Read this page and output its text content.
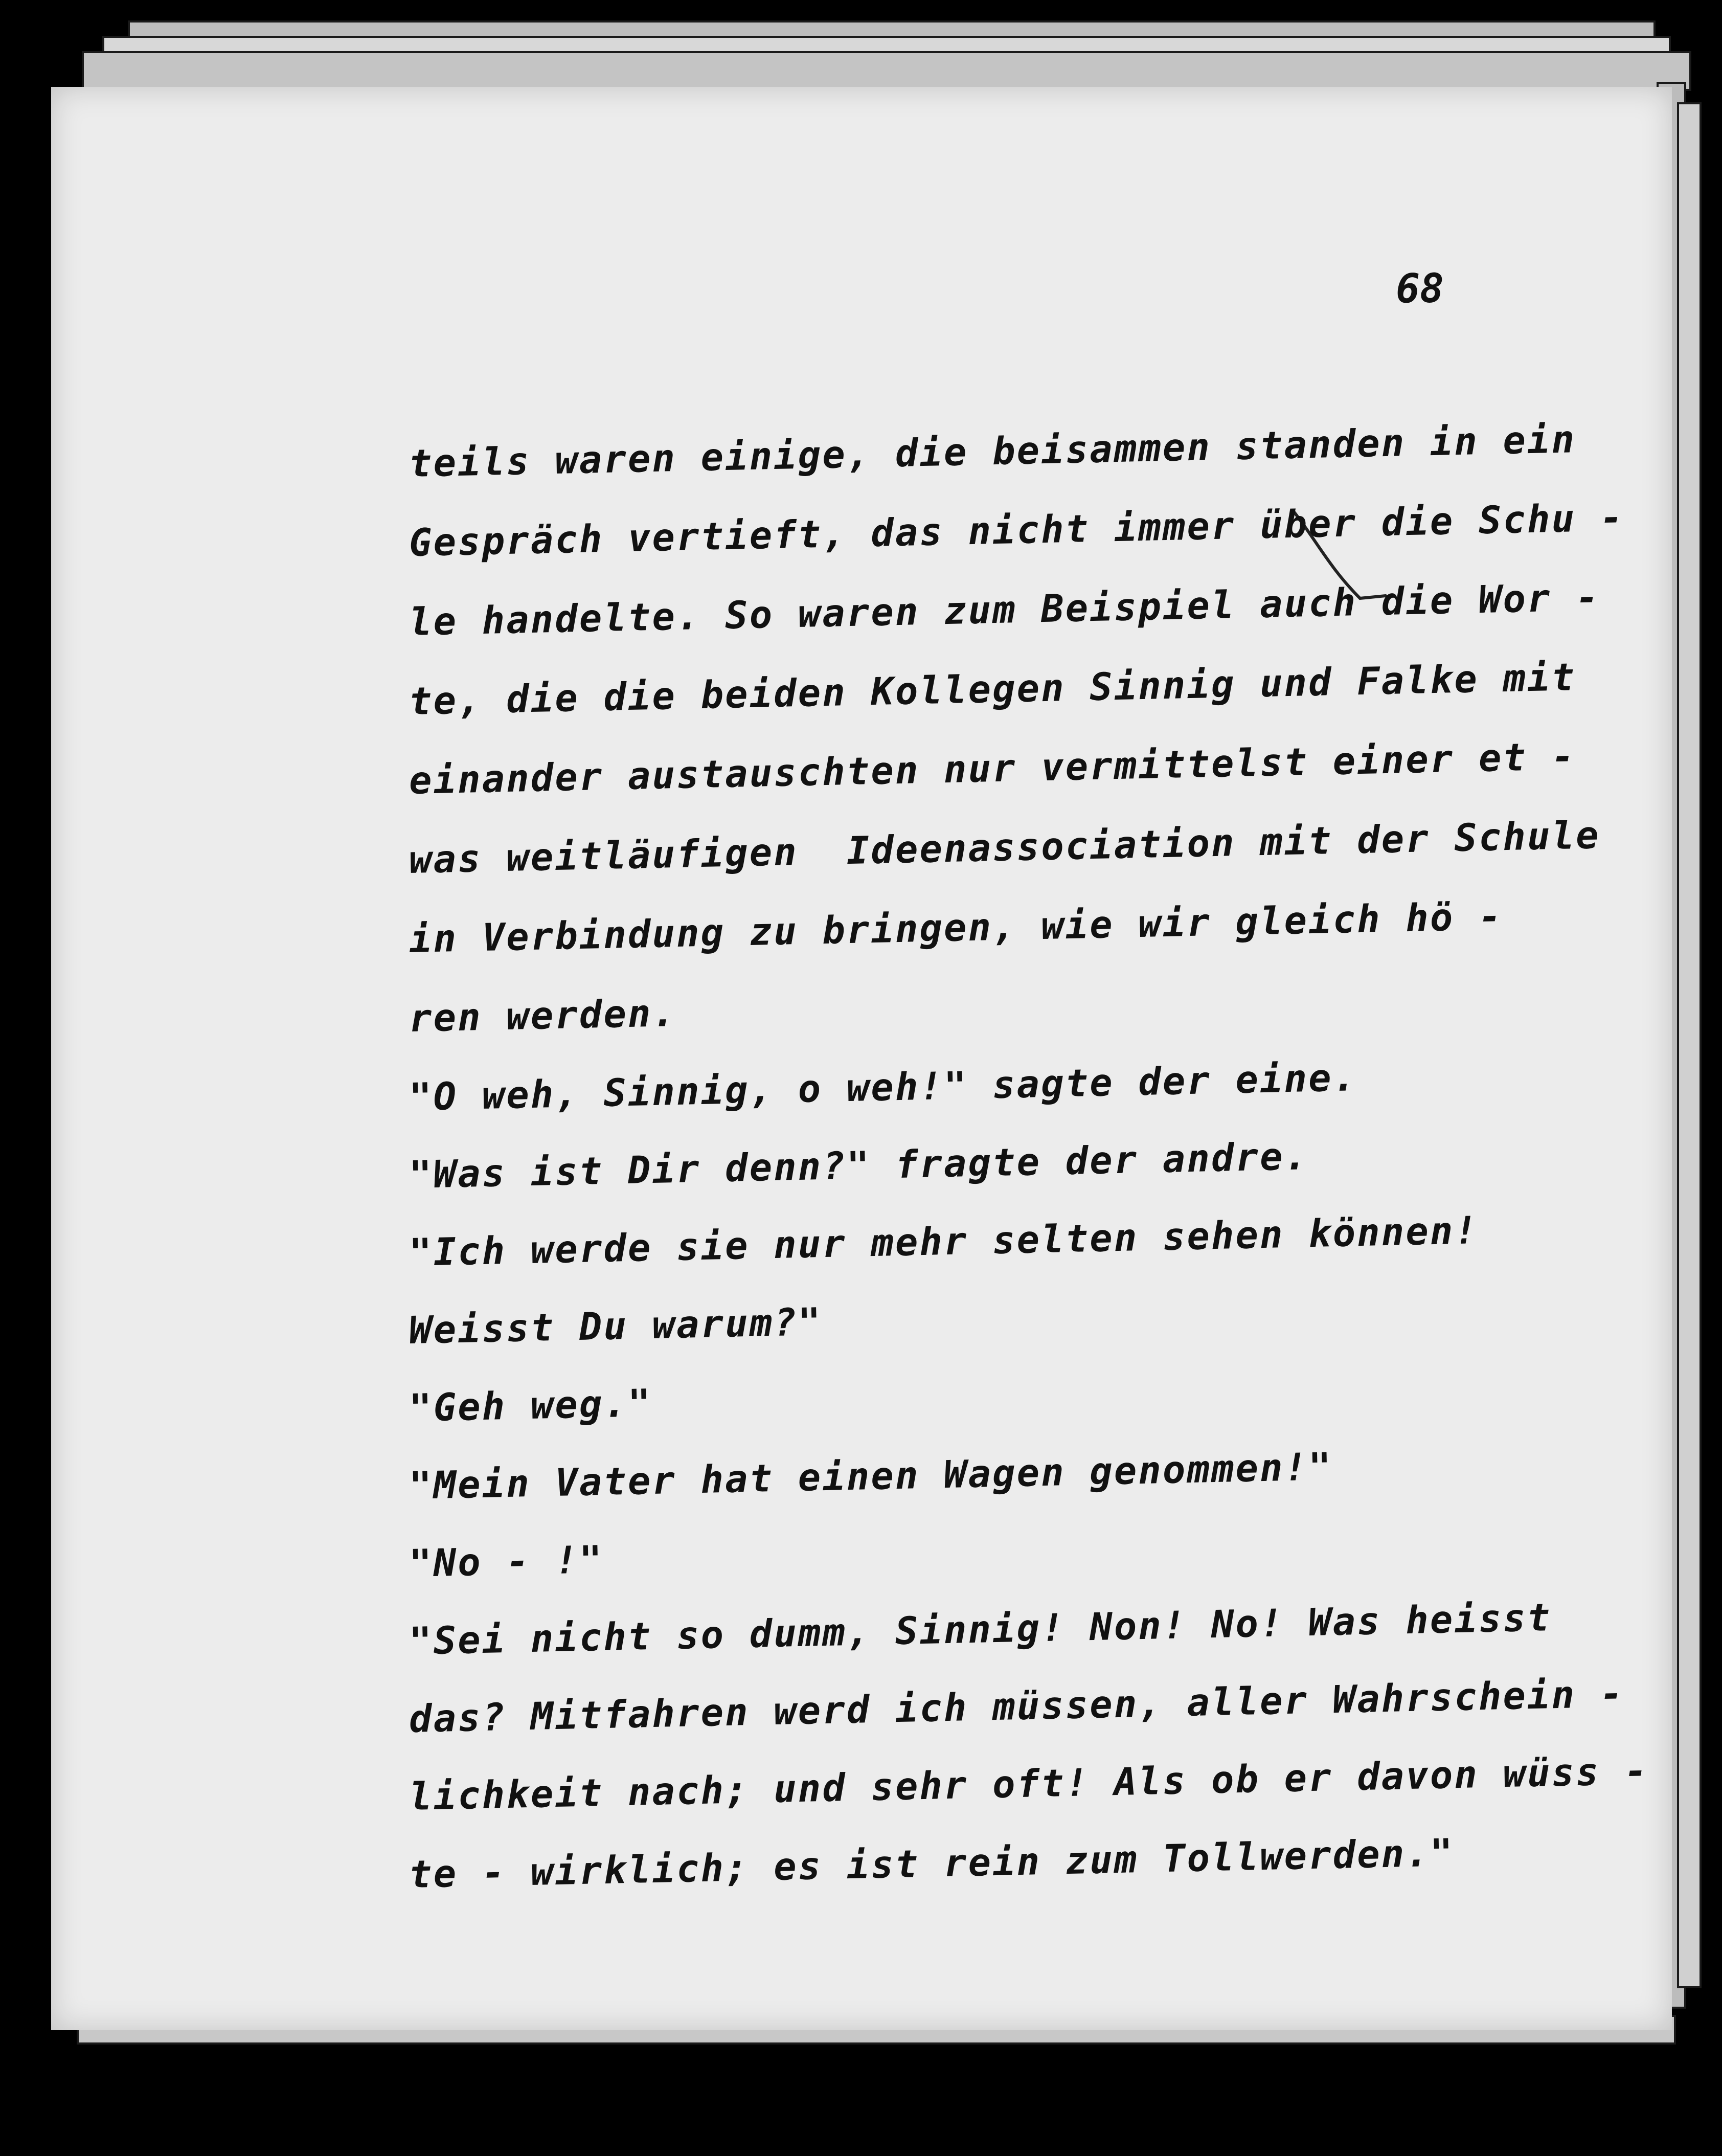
68
teils waren einige, die beisammen standen in ein
Gespräch vertieft, das nicht immer über die Schu -
le handelte. So waren zum Beispiel auch die Wor -
te, die die beiden Kollegen Sinnig und Falke mit
einander austauschten nur vermittelst einer et -
was weitläufigen  Ideenassociation mit der Schule
in Verbindung zu bringen, wie wir gleich hö -
ren werden.
"O weh, Sinnig, o weh!" sagte der eine.
"Was ist Dir denn?" fragte der andre.
"Ich werde sie nur mehr selten sehen können!
Weisst Du warum?"
"Geh weg."
"Mein Vater hat einen Wagen genommen!"
"No - !"
"Sei nicht so dumm, Sinnig! Non! No! Was heisst
das? Mitfahren werd ich müssen, aller Wahrschein -
lichkeit nach; und sehr oft! Als ob er davon wüss -
te - wirklich; es ist rein zum Tollwerden."
